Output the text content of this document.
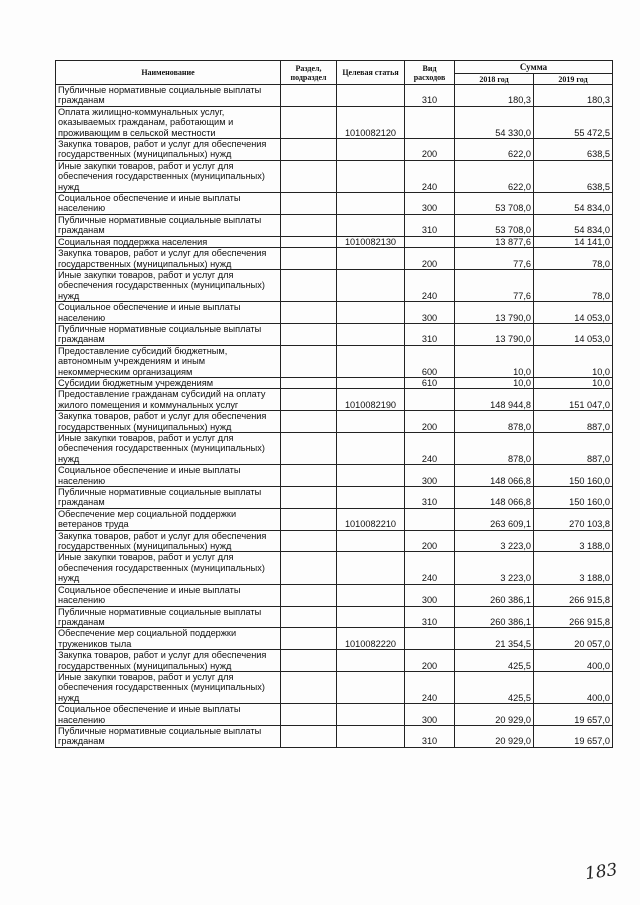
Наименование	Раздел, подраздел	Целевая статья	Вид расходов	Сумма	
				2018 год	2019 год
Публичные нормативные социальные выплаты гражданам			310	180,3	180,3
Оплата жилищно-коммунальных услуг, оказываемых гражданам, работающим и проживающим в сельской местности		1010082120		54 330,0	55 472,5
Закупка товаров, работ и услуг для обеспечения государственных (муниципальных) нужд			200	622,0	638,5
Иные закупки товаров, работ и услуг для обеспечения государственных (муниципальных) нужд			240	622,0	638,5
Социальное обеспечение и иные выплаты населению			300	53 708,0	54 834,0
Публичные нормативные социальные выплаты гражданам			310	53 708,0	54 834,0
Социальная поддержка населения		1010082130		13 877,6	14 141,0
Закупка товаров, работ и услуг для обеспечения государственных (муниципальных) нужд			200	77,6	78,0
Иные закупки товаров, работ и услуг для обеспечения государственных (муниципальных) нужд			240	77,6	78,0
Социальное обеспечение и иные выплаты населению			300	13 790,0	14 053,0
Публичные нормативные социальные выплаты гражданам			310	13 790,0	14 053,0
Предоставление субсидий бюджетным, автономным учреждениям и иным некоммерческим организациям			600	10,0	10,0
Субсидии бюджетным учреждениям			610	10,0	10,0
Предоставление гражданам субсидий на оплату жилого помещения и коммунальных услуг		1010082190		148 944,8	151 047,0
Закупка товаров, работ и услуг для обеспечения государственных (муниципальных) нужд			200	878,0	887,0
Иные закупки товаров, работ и услуг для обеспечения государственных (муниципальных) нужд			240	878,0	887,0
Социальное обеспечение и иные выплаты населению			300	148 066,8	150 160,0
Публичные нормативные социальные выплаты гражданам			310	148 066,8	150 160,0
Обеспечение мер социальной поддержки ветеранов труда		1010082210		263 609,1	270 103,8
Закупка товаров, работ и услуг для обеспечения государственных (муниципальных) нужд			200	3 223,0	3 188,0
Иные закупки товаров, работ и услуг для обеспечения государственных (муниципальных) нужд			240	3 223,0	3 188,0
Социальное обеспечение и иные выплаты населению			300	260 386,1	266 915,8
Публичные нормативные социальные выплаты гражданам			310	260 386,1	266 915,8
Обеспечение мер социальной поддержки тружеников тыла		1010082220		21 354,5	20 057,0
Закупка товаров, работ и услуг для обеспечения государственных (муниципальных) нужд			200	425,5	400,0
Иные закупки товаров, работ и услуг для обеспечения государственных (муниципальных) нужд			240	425,5	400,0
Социальное обеспечение и иные выплаты населению			300	20 929,0	19 657,0
Публичные нормативные социальные выплаты гражданам			310	20 929,0	19 657,0
183
